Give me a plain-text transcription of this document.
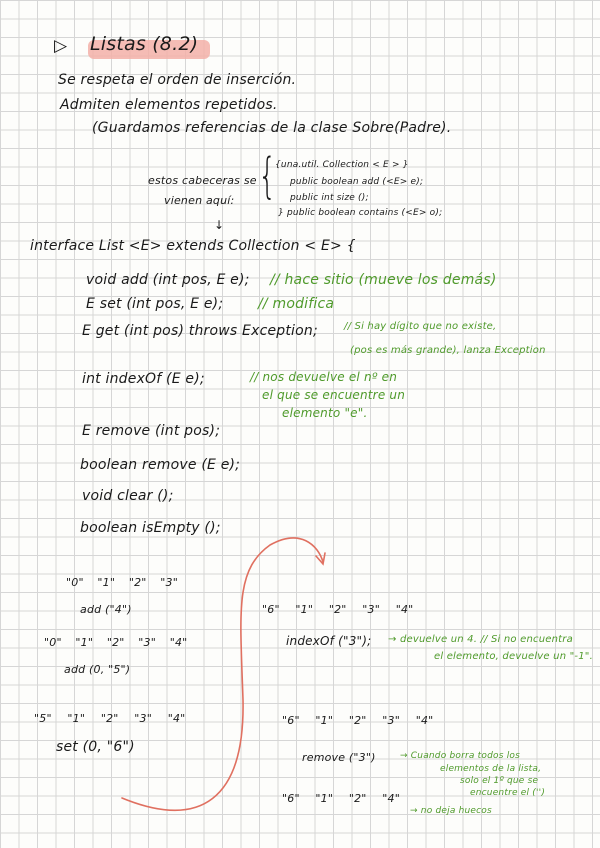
▷ Listas (8.2)
Se respeta el orden de inserción.
Admiten elementos repetidos.
(Guardamos referencias de la clase Sobre(Padre).
estos cabeceras se
vienen aquí:
↓
{
{una.util. Collection < E > }
public boolean add (<E> e);
public int size ();
} public boolean contains (<E> o);
interface List <E> extends Collection < E> {
void add (int pos, E e); // hace sitio (mueve los demás)
E set (int pos, E e); // modifica
E get (int pos) throws Exception;	// Si hay dígito que no existe,
(pos es más grande), lanza Exception
int indexOf (E e);	// nos devuelve el nº en
el que se encuentre un
elemento "e".
E remove (int pos);
boolean remove (E e);
void clear ();
boolean isEmpty ();
"0" "1" "2" "3"
add ("4")
"0" "1" "2" "3" "4"
add (0, "5")
"5" "1" "2" "3" "4"
set (0, "6")
"6" "1" "2" "3" "4"
indexOf ("3"); → devuelve un 4. // Si no encuentra
el elemento, devuelve un "-1".
"6" "1" "2" "3" "4"
remove ("3")	→ Cuando borra todos los
elementos de la lista,
solo el 1º que se
encuentre el ('')
"6" "1" "2" "4"
→ no deja huecos
